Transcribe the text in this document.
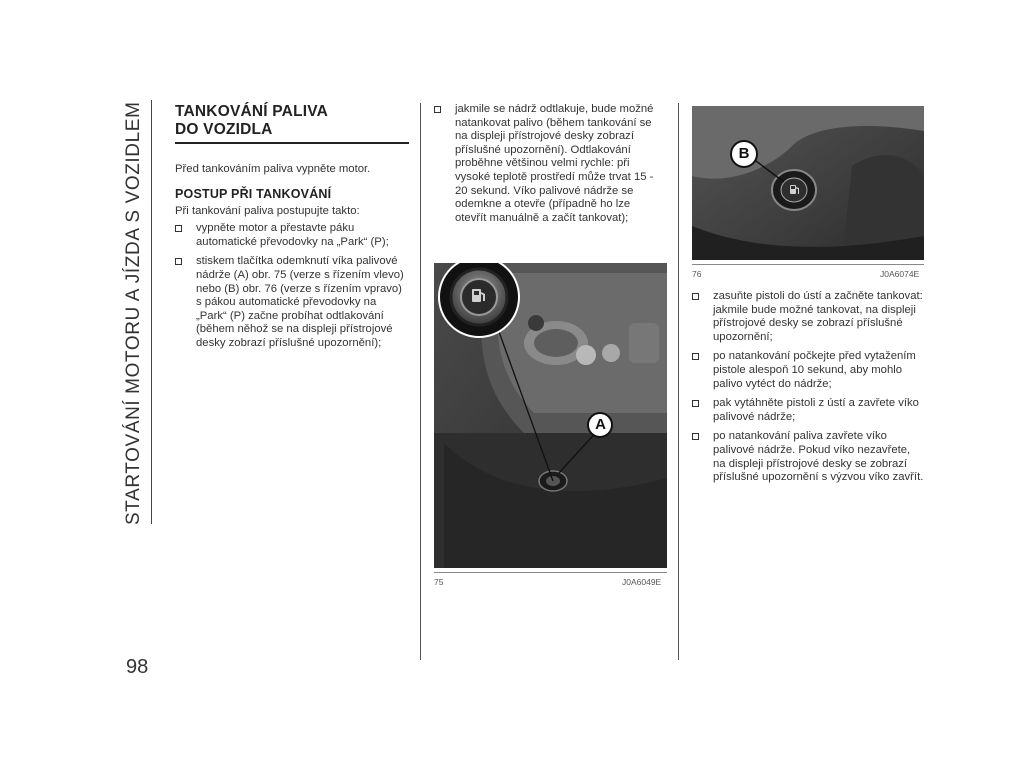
STARTOVÁNÍ MOTORU A JÍZDA S VOZIDLEM TANKOVÁNÍ PALIVA
DO VOZIDLA

Před tankováním paliva vypněte motor.

POSTUP PŘI TANKOVÁNÍ

Při tankování paliva postupujte takto:

vypněte motor a přestavte páku automatické převodovky na „Park“ (P);
stiskem tlačítka odemknutí víka palivové nádrže (A) obr. 75 (verze s řízením vlevo) nebo (B) obr. 76 (verze s řízením vpravo) s pákou automatické převodovky na „Park“ (P) začne probíhat odtlakování (během něhož se na displeji přístrojové desky zobrazí příslušné upozornění);
jakmile se nádrž odtlakuje, bude možné natankovat palivo (během tankování se na displeji přístrojové desky zobrazí příslušné upozornění). Odtlakování proběhne většinou velmi rychle: při vysoké teplotě prostředí může trvat 15 - 20 sekund. Víko palivové nádrže se odemkne a otevře (případně ho lze otevřít manuálně a začít tankovat);
A
75	J0A6049E
B
76	J0A6074E
zasuňte pistoli do ústí a začněte tankovat: jakmile bude možné tankovat, na displeji přístrojové desky se zobrazí příslušné upozornění;
po natankování počkejte před vytažením pistole alespoň 10 sekund, aby mohlo palivo vytéct do nádrže;
pak vytáhněte pistoli z ústí a zavřete víko palivové nádrže;
po natankování paliva zavřete víko palivové nádrže. Pokud víko nezavřete, na displeji přístrojové desky se zobrazí příslušné upozornění s výzvou víko zavřít.
98
